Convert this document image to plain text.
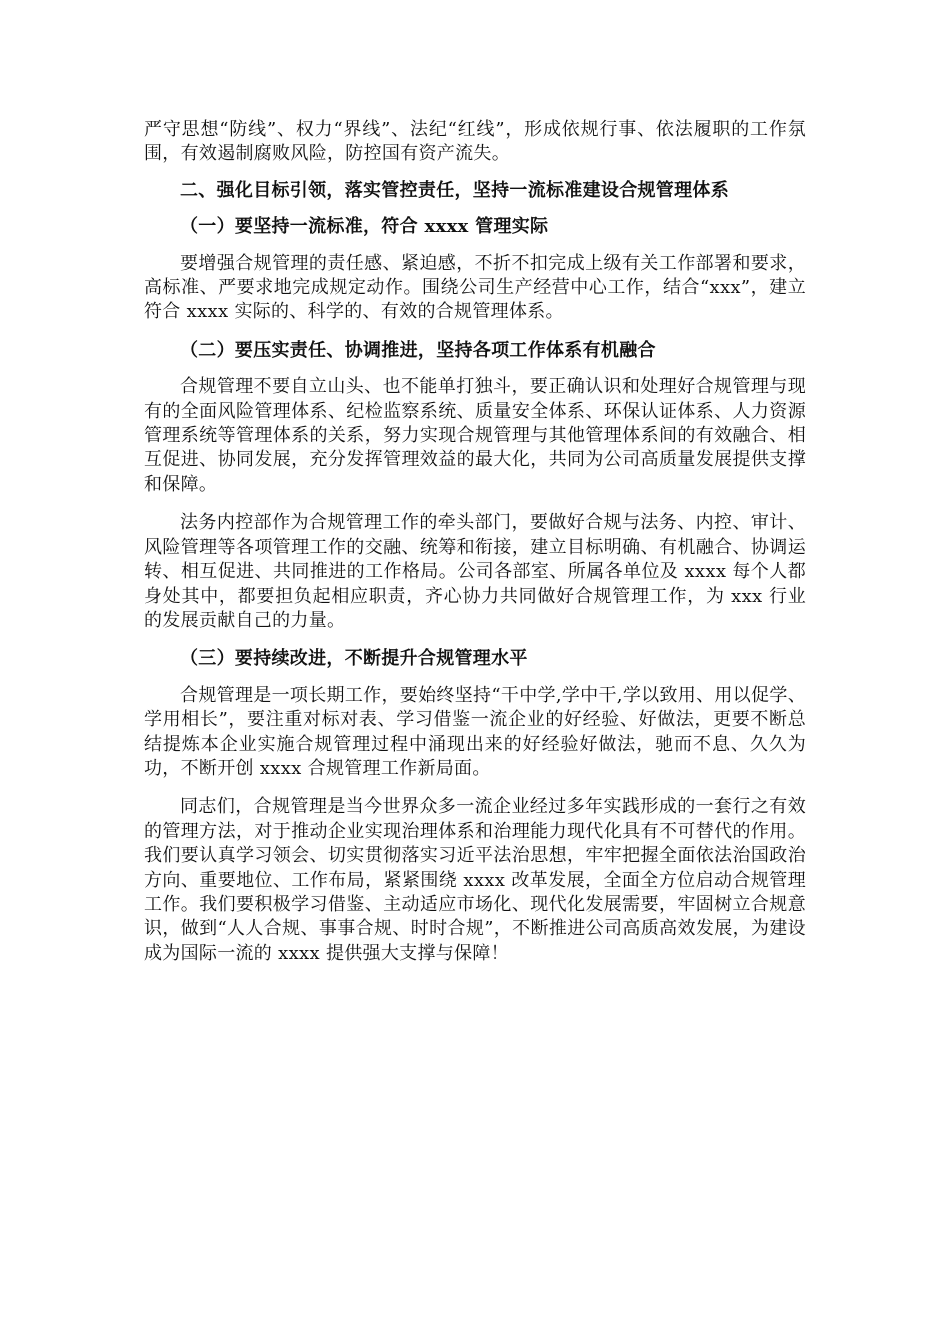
严守思想“防线”、权力“界线”、法纪“红线”，形成依规行事、依法履职的工作氛围，有效遏制腐败风险，防控国有资产流失。

二、强化目标引领，落实管控责任，坚持一流标准建设合规管理体系

（一）要坚持一流标准，符合 xxxx 管理实际

要增强合规管理的责任感、紧迫感，不折不扣完成上级有关工作部署和要求，高标准、严要求地完成规定动作。围绕公司生产经营中心工作，结合“xxx”，建立符合 xxxx 实际的、科学的、有效的合规管理体系。

（二）要压实责任、协调推进，坚持各项工作体系有机融合

合规管理不要自立山头、也不能单打独斗，要正确认识和处理好合规管理与现有的全面风险管理体系、纪检监察系统、质量安全体系、环保认证体系、人力资源管理系统等管理体系的关系，努力实现合规管理与其他管理体系间的有效融合、相互促进、协同发展，充分发挥管理效益的最大化，共同为公司高质量发展提供支撑和保障。

法务内控部作为合规管理工作的牵头部门，要做好合规与法务、内控、审计、风险管理等各项管理工作的交融、统筹和衔接，建立目标明确、有机融合、协调运转、相互促进、共同推进的工作格局。公司各部室、所属各单位及 xxxx 每个人都身处其中，都要担负起相应职责，齐心协力共同做好合规管理工作，为 xxx 行业的发展贡献自己的力量。

（三）要持续改进，不断提升合规管理水平

合规管理是一项长期工作，要始终坚持“干中学,学中干,学以致用、用以促学、学用相长”，要注重对标对表、学习借鉴一流企业的好经验、好做法，更要不断总结提炼本企业实施合规管理过程中涌现出来的好经验好做法，驰而不息、久久为功，不断开创 xxxx 合规管理工作新局面。

同志们，合规管理是当今世界众多一流企业经过多年实践形成的一套行之有效的管理方法，对于推动企业实现治理体系和治理能力现代化具有不可替代的作用。我们要认真学习领会、切实贯彻落实习近平法治思想，牢牢把握全面依法治国政治方向、重要地位、工作布局，紧紧围绕 xxxx 改革发展，全面全方位启动合规管理工作。我们要积极学习借鉴、主动适应市场化、现代化发展需要，牢固树立合规意识，做到“人人合规、事事合规、时时合规”，不断推进公司高质高效发展，为建设成为国际一流的 xxxx 提供强大支撑与保障！
